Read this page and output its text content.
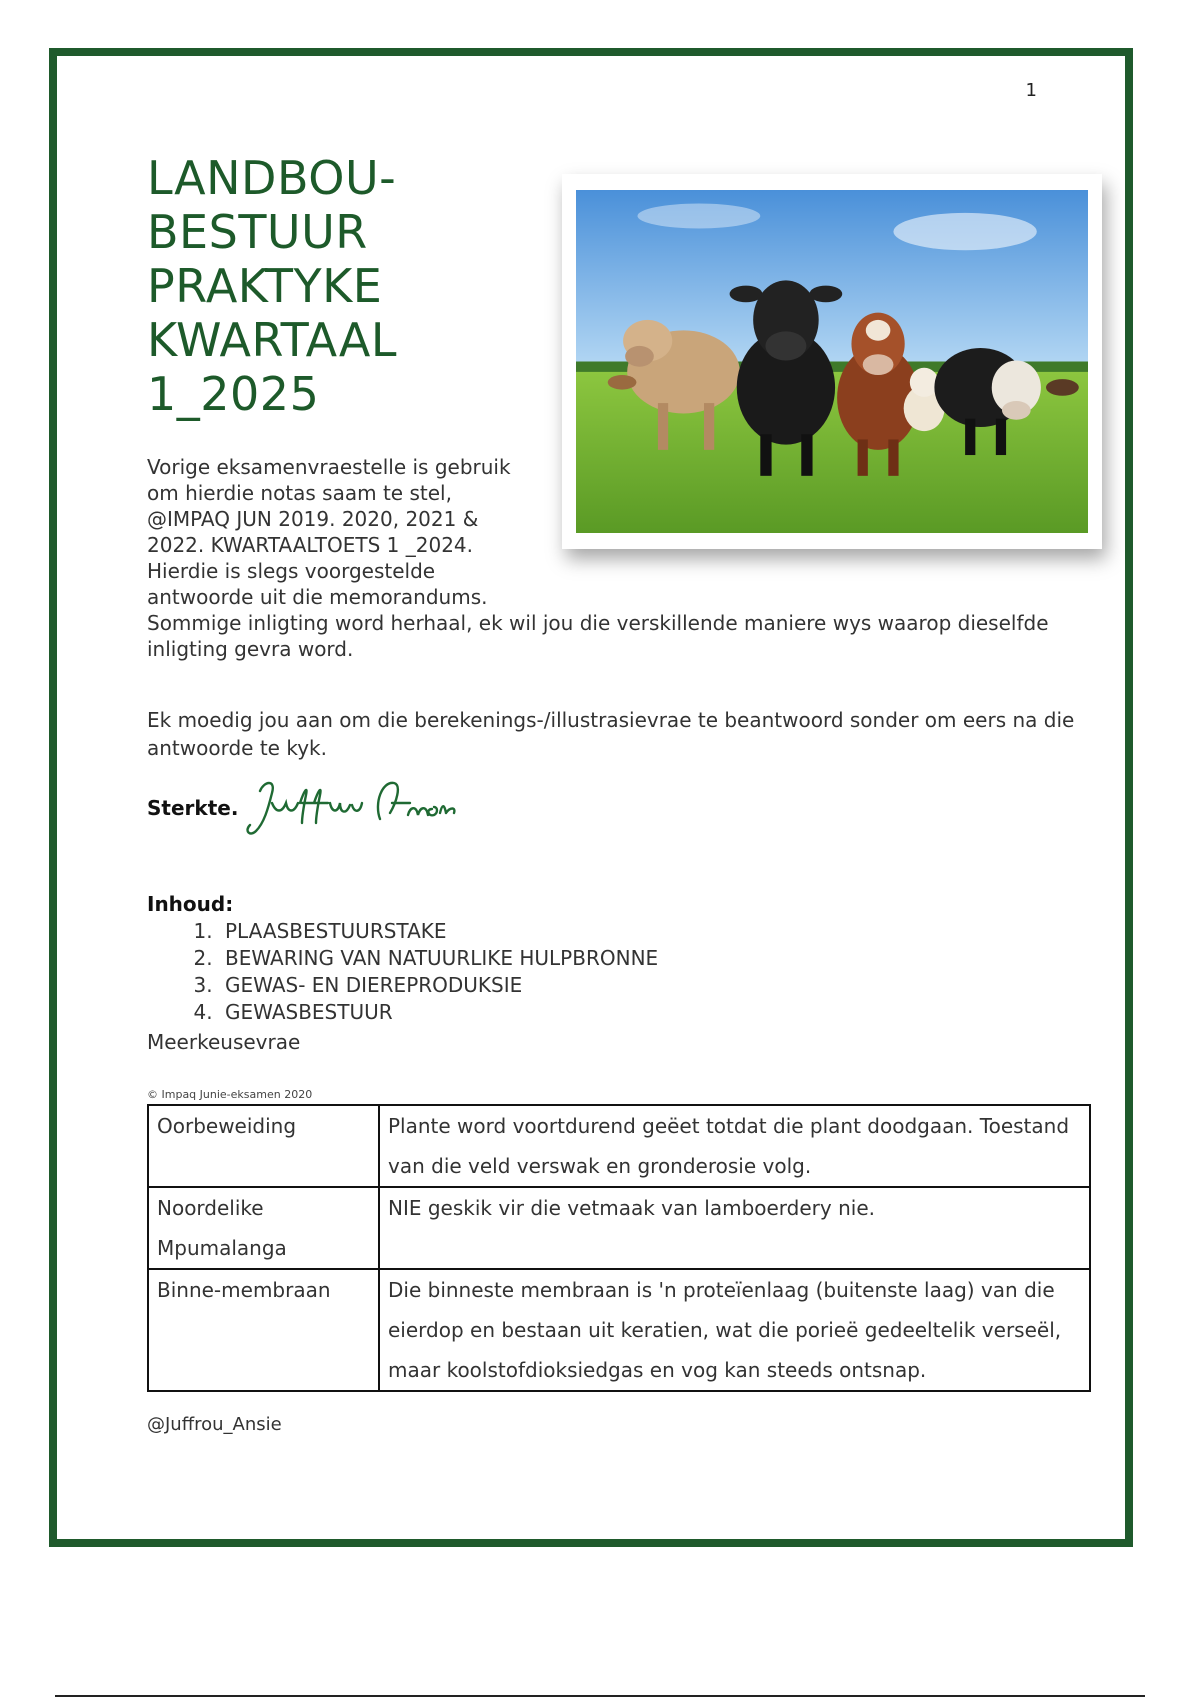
1
LANDBOU-
BESTUUR
PRAKTYKE
KWARTAAL 1_2025

Vorige eksamenvraestelle is gebruik om hierdie notas saam te stel, @IMPAQ JUN 2019. 2020, 2021 & 2022. KWARTAALTOETS 1 _2024. Hierdie is slegs voorgestelde antwoorde uit die memorandums.

Sommige inligting word herhaal, ek wil jou die verskillende maniere wys waarop dieselfde inligting gevra word.

Ek moedig jou aan om die berekenings-/illustrasievrae te beantwoord sonder om eers na die antwoorde te kyk.
Sterkte.
Inhoud:
1. PLAASBESTUURSTAKE
2. BEWARING VAN NATUURLIKE HULPBRONNE
3. GEWAS- EN DIEREPRODUKSIE
4. GEWASBESTUUR
Meerkeusevrae
© Impaq Junie-eksamen 2020
Oorbeweiding	Plante word voortdurend geëet totdat die plant doodgaan. Toestand van die veld verswak en gronderosie volg.
Noordelike Mpumalanga	NIE geskik vir die vetmaak van lamboerdery nie.
Binne-membraan	Die binneste membraan is 'n proteïenlaag (buitenste laag) van die eierdop en bestaan uit keratien, wat die porieë gedeeltelik verseël, maar koolstofdioksiedgas en vog kan steeds ontsnap.
@Juffrou_Ansie
